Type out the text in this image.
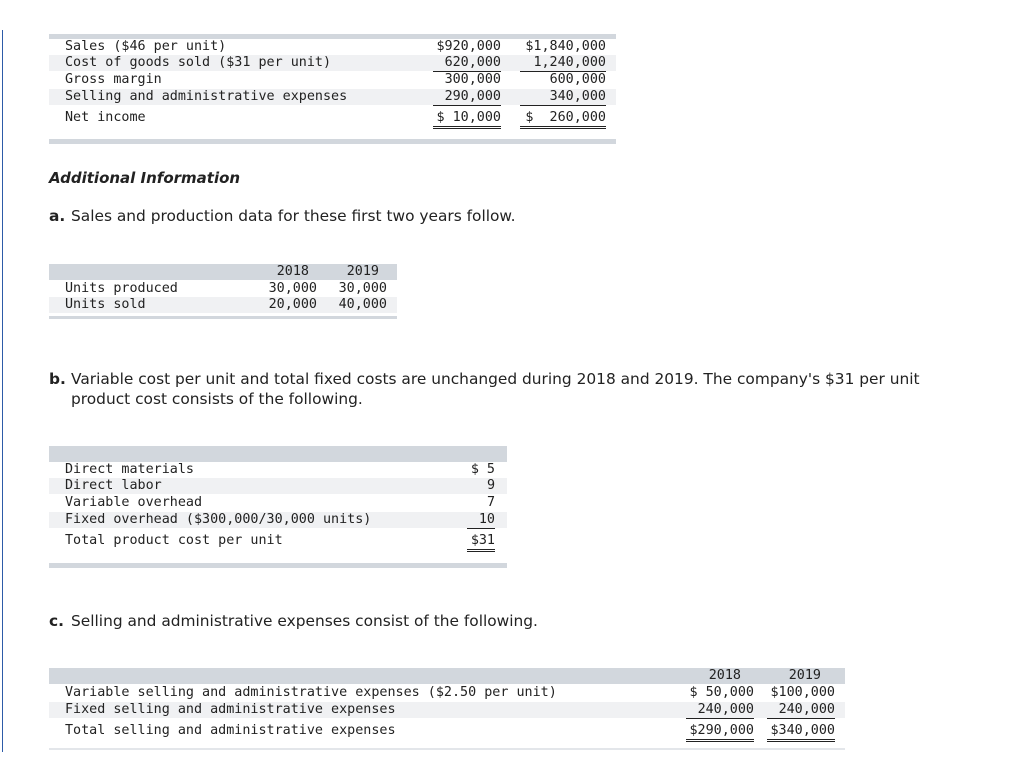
Sales ($46 per unit)	$920,000 $1,840,000
Cost of goods sold ($31 per unit)	620,000	1,240,000
Gross margin	300,000	600,000
Selling and administrative expenses	290,000	340,000
Net income	$ 10,000	$  260,000
Additional Information
a. Sales and production data for these first two years follow.
2018	2019
Units produced	30,000 30,000
Units sold	20,000 40,000
b. Variable cost per unit and total fixed costs are unchanged during 2018 and 2019. The company's $31 per unit product cost consists of the following.
Direct materials	$ 5
Direct labor	9
Variable overhead	7
Fixed overhead ($300,000/30,000 units)	10
Total product cost per unit	$31
c. Selling and administrative expenses consist of the following.
2018	2019
Variable selling and administrative expenses ($2.50 per unit)	$ 50,000 $100,000
Fixed selling and administrative expenses	240,000	240,000
Total selling and administrative expenses	$290,000 $340,000
